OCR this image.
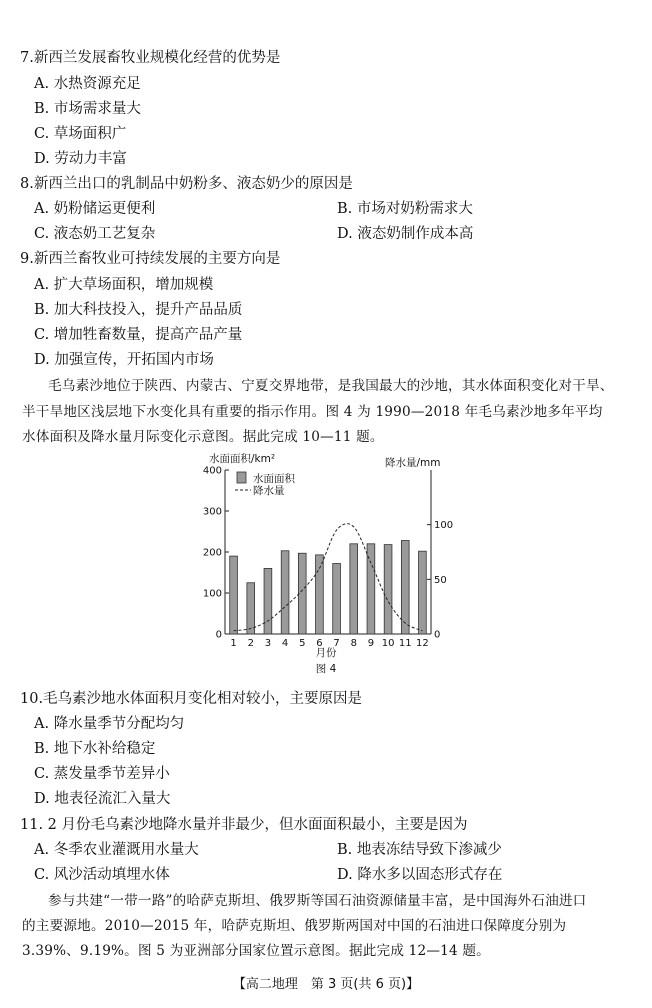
7.新西兰发展畜牧业规模化经营的优势是
A. 水热资源充足
B. 市场需求量大
C. 草场面积广
D. 劳动力丰富
8.新西兰出口的乳制品中奶粉多、液态奶少的原因是
A. 奶粉储运更便利	B. 市场对奶粉需求大
C. 液态奶工艺复杂	D. 液态奶制作成本高
9.新西兰畜牧业可持续发展的主要方向是
A. 扩大草场面积，增加规模
B. 加大科技投入，提升产品品质
C. 增加牲畜数量，提高产品产量
D. 加强宣传，开拓国内市场
毛乌素沙地位于陕西、内蒙古、宁夏交界地带，是我国最大的沙地，其水体面积变化对干旱、
半干旱地区浅层地下水变化具有重要的指示作用。图 4 为 1990—2018 年毛乌素沙地多年平均
水体面积及降水量月际变化示意图。据此完成 10—11 题。
水面面积/km²	降水量/mm
水面面积
降水量
0
100
200
300
400
0
50
100
1 2 3 4 5 6 7 8 9 10 11 12
月份
图 4
10.毛乌素沙地水体面积月变化相对较小，主要原因是
A. 降水量季节分配均匀
B. 地下水补给稳定
C. 蒸发量季节差异小
D. 地表径流汇入量大
11. 2 月份毛乌素沙地降水量并非最少，但水面面积最小，主要是因为
A. 冬季农业灌溉用水量大	B. 地表冻结导致下渗减少
C. 风沙活动填埋水体	D. 降水多以固态形式存在
参与共建“一带一路”的哈萨克斯坦、俄罗斯等国石油资源储量丰富，是中国海外石油进口
的主要源地。2010—2015 年，哈萨克斯坦、俄罗斯两国对中国的石油进口保障度分别为
3.39%、9.19%。图 5 为亚洲部分国家位置示意图。据此完成 12—14 题。
【高二地理　第 3 页(共 6 页)】
